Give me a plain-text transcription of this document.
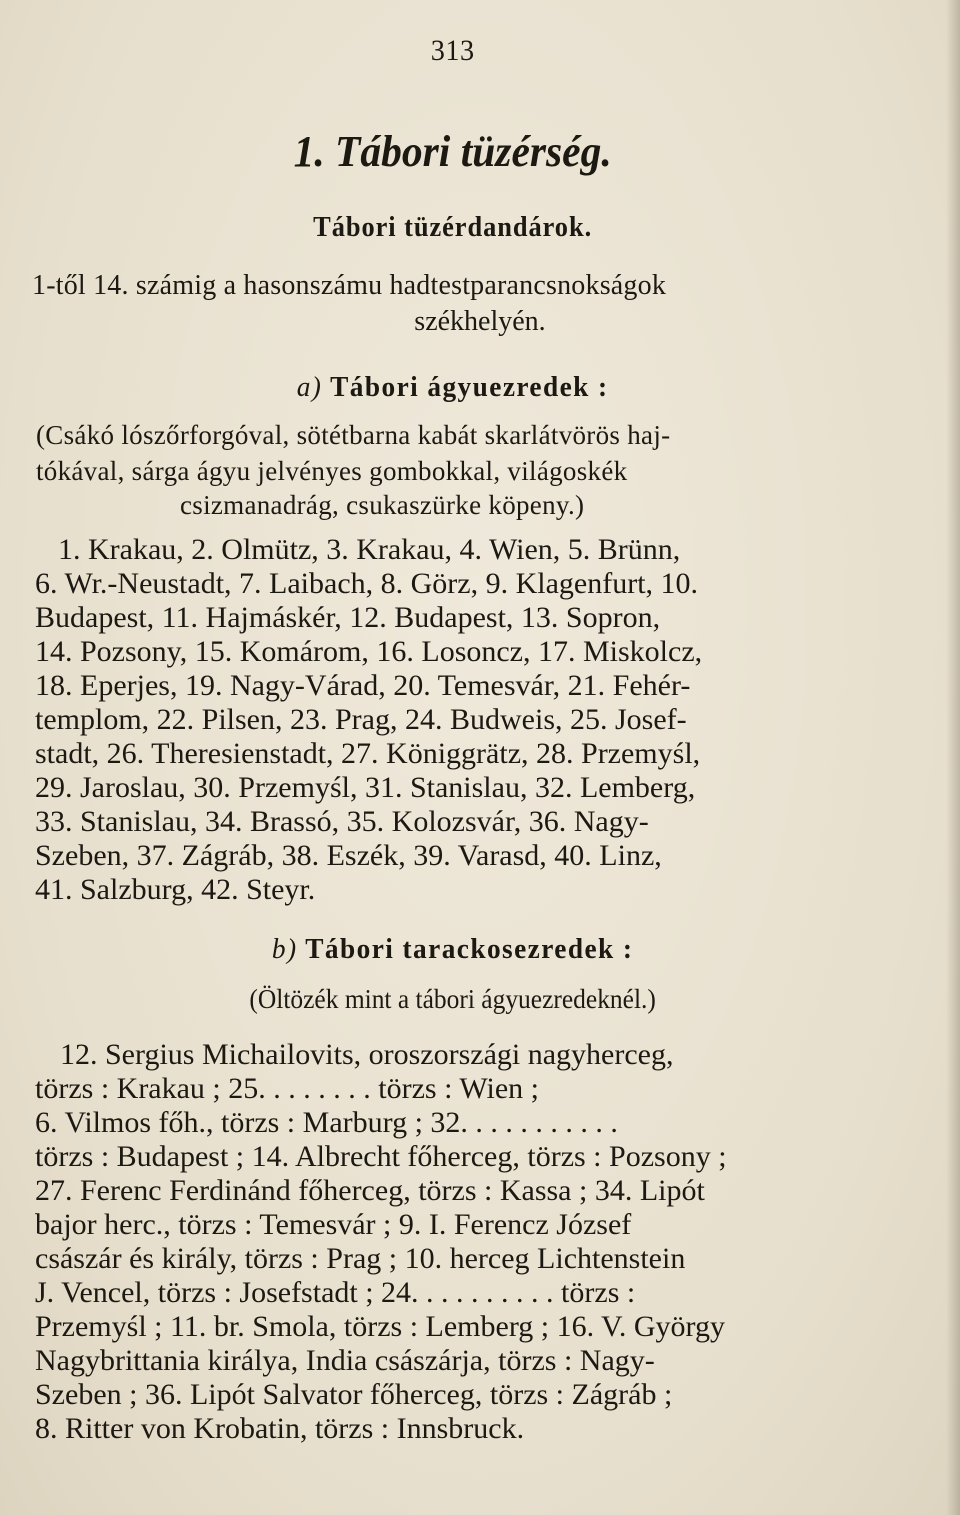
313
1. Tábori tüzérség.
Tábori tüzérdandárok.
1-től 14. számig a hasonszámu hadtestparancsnokságok
székhelyén.
a) Tábori ágyuezredek :
(Csákó lószőrforgóval, sötétbarna kabát skarlátvörös haj-
tókával, sárga ágyu jelvényes gombokkal, világoskék
csizmanadrág, csukaszürke köpeny.)
1. Krakau, 2. Olmütz, 3. Krakau, 4. Wien, 5. Brünn,
6. Wr.-Neustadt, 7. Laibach, 8. Görz, 9. Klagenfurt, 10.
Budapest, 11. Hajmáskér, 12. Budapest, 13. Sopron,
14. Pozsony, 15. Komárom, 16. Losoncz, 17. Miskolcz,
18. Eperjes, 19. Nagy-Várad, 20. Temesvár, 21. Fehér-
templom, 22. Pilsen, 23. Prag, 24. Budweis, 25. Josef-
stadt, 26. Theresienstadt, 27. Königgrätz, 28. Przemyśl,
29. Jaroslau, 30. Przemyśl, 31. Stanislau, 32. Lemberg,
33. Stanislau, 34. Brassó, 35. Kolozsvár, 36. Nagy-
Szeben, 37. Zágráb, 38. Eszék, 39. Varasd, 40. Linz,
41. Salzburg, 42. Steyr.
b) Tábori tarackosezredek :
(Öltözék mint a tábori ágyuezredeknél.)
12. Sergius Michailovits, oroszországi nagyherceg,
törzs : Krakau ; 25. . . . . . . . törzs : Wien ;
6. Vilmos főh., törzs : Marburg ; 32. . . . . . . . . . .
törzs : Budapest ; 14. Albrecht főherceg, törzs : Pozsony ;
27. Ferenc Ferdinánd főherceg, törzs : Kassa ; 34. Lipót
bajor herc., törzs : Temesvár ; 9. I. Ferencz József
császár és király, törzs : Prag ; 10. herceg Lichtenstein
J. Vencel, törzs : Josefstadt ; 24. . . . . . . . . . törzs :
Przemyśl ; 11. br. Smola, törzs : Lemberg ; 16. V. György
Nagybrittania királya, India császárja, törzs : Nagy-
Szeben ; 36. Lipót Salvator főherceg, törzs : Zágráb ;
8. Ritter von Krobatin, törzs : Innsbruck.
